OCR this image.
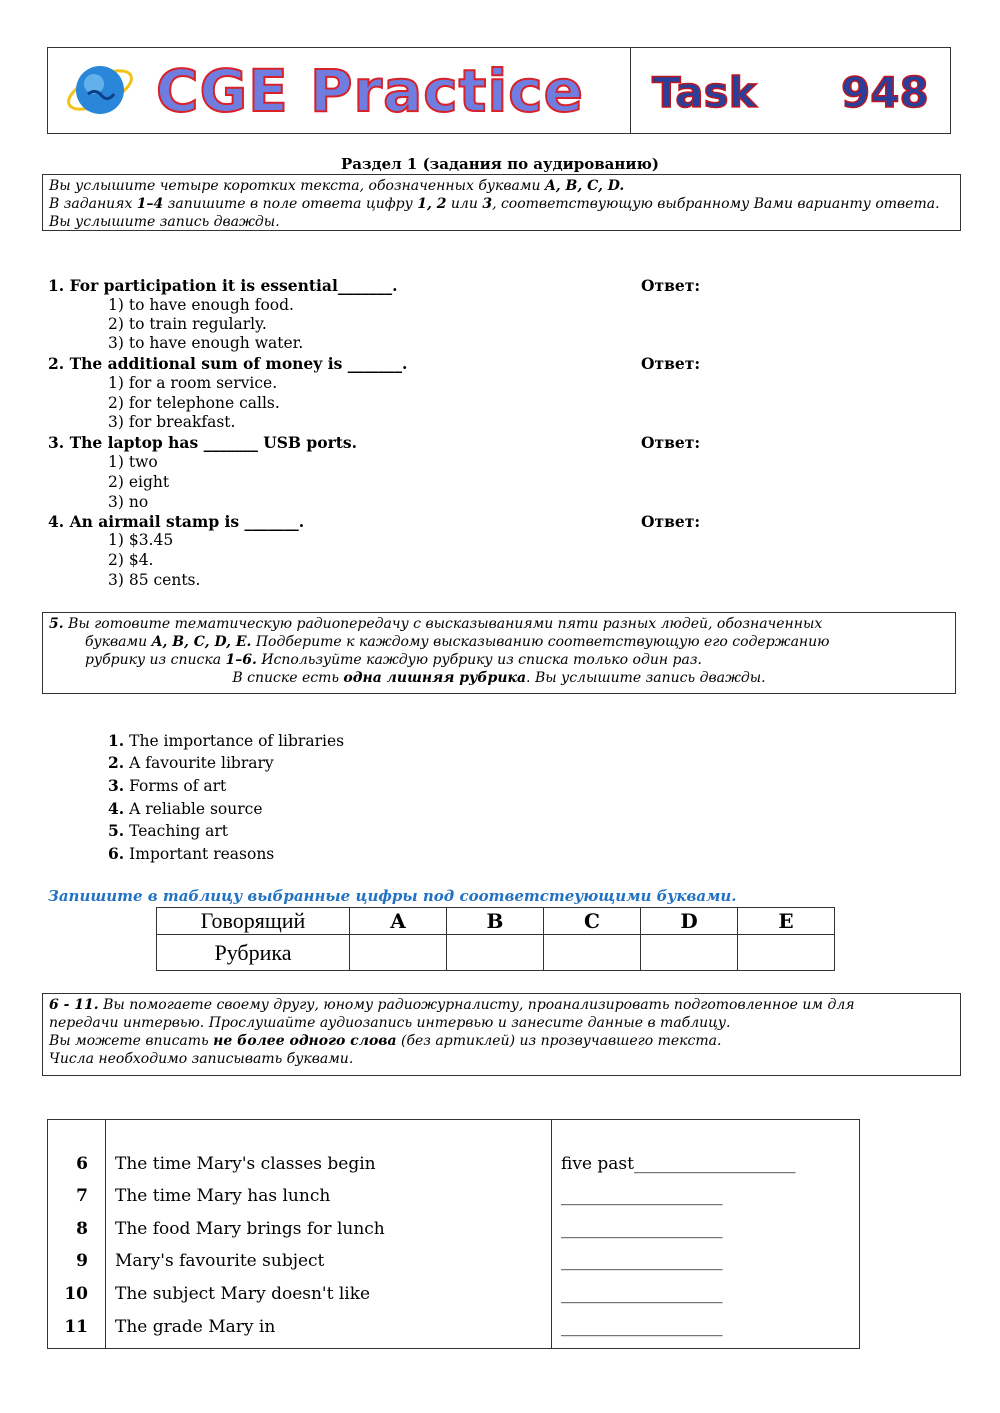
CGE Practice Task 948
Раздел 1 (задания по аудированию)
Вы услышите четыре коротких текста, обозначенных буквами A, B, C, D.
В заданиях 1–4 запишите в поле ответа цифру 1, 2 или 3, соответствующую выбранному Вами варианту ответа.
Вы услышите запись дважды.
1. For participation it is essential_______.	Ответ:
1) to have enough food.
2) to train regularly.
3) to have enough water.
2. The additional sum of money is _______.	Ответ:
1) for a room service.
2) for telephone calls.
3) for breakfast.
3. The laptop has _______ USB ports.	Ответ:
1) two
2) eight
3) no
4. An airmail stamp is _______.	Ответ:
1) $3.45
2) $4.
3) 85 cents.
5. Вы готовите тематическую радиопередачу с высказываниями пяти разных людей, обозначенных
буквами A, B, C, D, E. Подберите к каждому высказыванию соответствующую его содержанию
рубрику из списка 1–6. Используйте каждую рубрику из списка только один раз.
В списке есть одна лишняя рубрика. Вы услышите запись дважды.
1. The importance of libraries
2. A favourite library
3. Forms of art
4. A reliable source
5. Teaching art
6. Important reasons
Запишите в таблицу выбранные цифры под соответстеующими буквами.
Говорящий	A	B	C	D	E
Рубрика					
6 - 11. Вы помогаете своему другу, юному радиожурналисту, проанализировать подготовленное им для
передачи интервью. Прослушайте аудиозапись интервью и занесите данные в таблицу.
Вы можете вписать не более одного слова (без артиклей) из прозвучавшего текста.
Числа необходимо записывать буквами.
6 The time Mary's classes begin	five past___________________
7 The time Mary has lunch	___________________
8 The food Mary brings for lunch	___________________
9 Mary's favourite subject	___________________
10 The subject Mary doesn't like	___________________
11 The grade Mary in	___________________
